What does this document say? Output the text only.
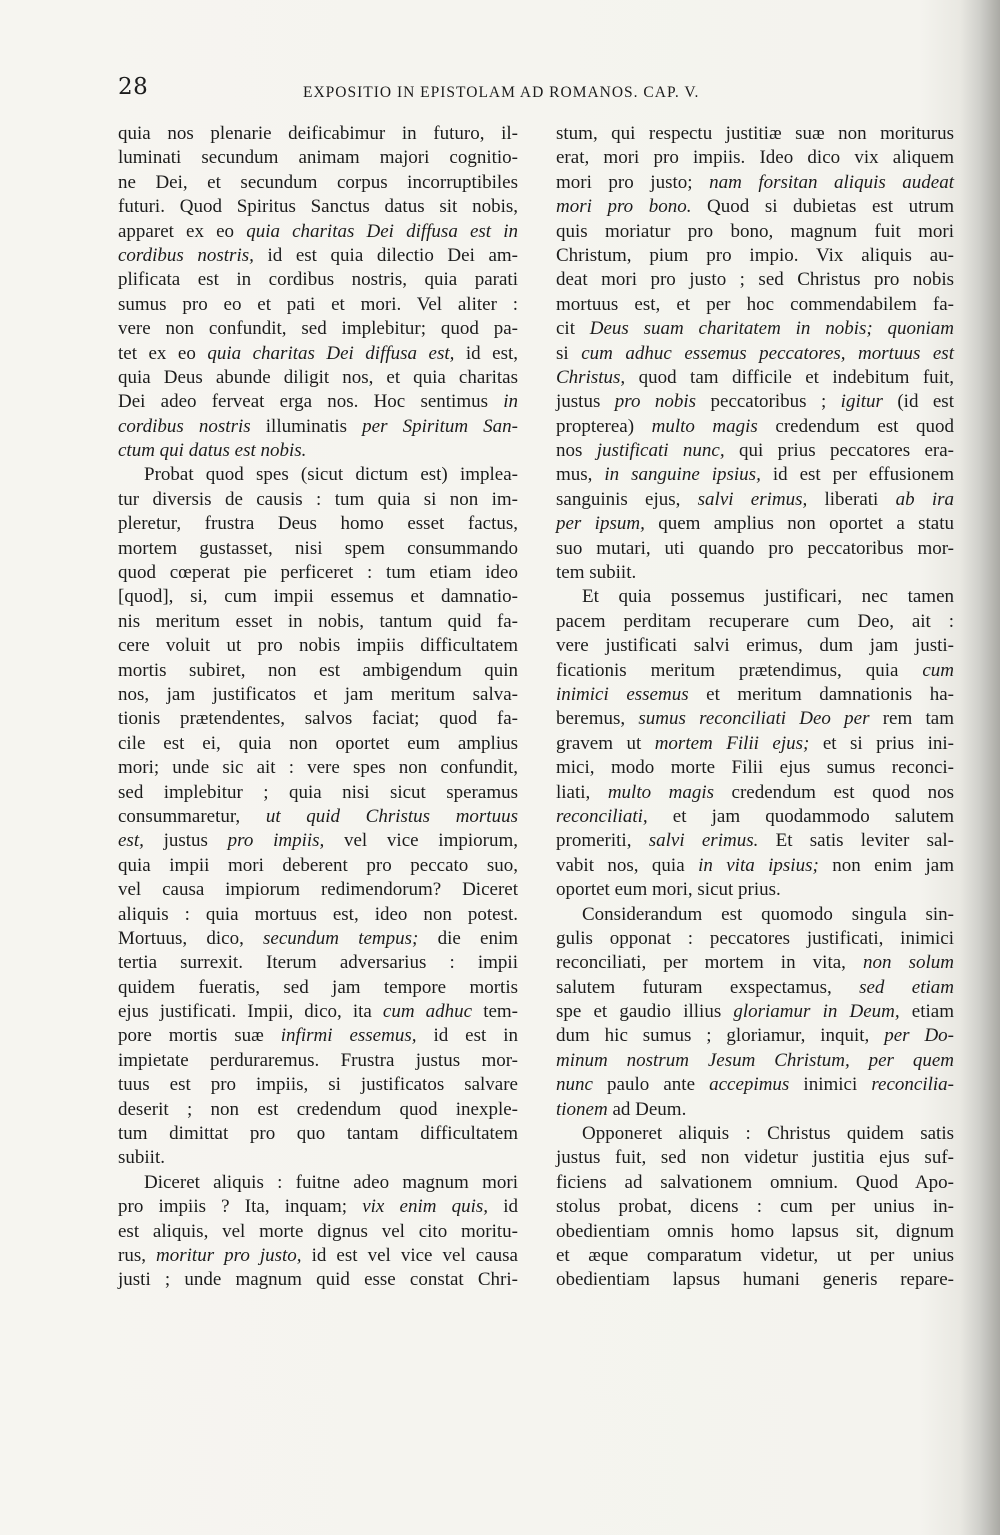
28	EXPOSITIO IN EPISTOLAM AD ROMANOS. CAP. V.
quia nos plenarie deificabimur in futuro, il-
luminati secundum animam majori cognitio-
ne Dei, et secundum corpus incorruptibiles
futuri. Quod Spiritus Sanctus datus sit nobis,
apparet ex eo quia charitas Dei diffusa est in
cordibus nostris, id est quia dilectio Dei am-
plificata est in cordibus nostris, quia parati
sumus pro eo et pati et mori. Vel aliter :
vere non confundit, sed implebitur; quod pa-
tet ex eo quia charitas Dei diffusa est, id est,
quia Deus abunde diligit nos, et quia charitas
Dei adeo ferveat erga nos. Hoc sentimus in
cordibus nostris illuminatis per Spiritum San-
ctum qui datus est nobis.
Probat quod spes (sicut dictum est) implea-
tur diversis de causis : tum quia si non im-
pleretur, frustra Deus homo esset factus,
mortem gustasset, nisi spem consummando
quod cœperat pie perficeret : tum etiam ideo
[quod], si, cum impii essemus et damnatio-
nis meritum esset in nobis, tantum quid fa-
cere voluit ut pro nobis impiis difficultatem
mortis subiret, non est ambigendum quin
nos, jam justificatos et jam meritum salva-
tionis prætendentes, salvos faciat; quod fa-
cile est ei, quia non oportet eum amplius
mori; unde sic ait : vere spes non confundit,
sed implebitur ; quia nisi sicut speramus
consummaretur, ut quid Christus mortuus
est, justus pro impiis, vel vice impiorum,
quia impii mori deberent pro peccato suo,
vel causa impiorum redimendorum? Diceret
aliquis : quia mortuus est, ideo non potest.
Mortuus, dico, secundum tempus; die enim
tertia surrexit. Iterum adversarius : impii
quidem fueratis, sed jam tempore mortis
ejus justificati. Impii, dico, ita cum adhuc tem-
pore mortis suæ infirmi essemus, id est in
impietate perduraremus. Frustra justus mor-
tuus est pro impiis, si justificatos salvare
deserit ; non est credendum quod inexple-
tum dimittat pro quo tantam difficultatem
subiit.
Diceret aliquis : fuitne adeo magnum mori
pro impiis ? Ita, inquam; vix enim quis, id
est aliquis, vel morte dignus vel cito moritu-
rus, moritur pro justo, id est vel vice vel causa
justi ; unde magnum quid esse constat Chri-
stum, qui respectu justitiæ suæ non moriturus
erat, mori pro impiis. Ideo dico vix aliquem
mori pro justo; nam forsitan aliquis audeat
mori pro bono. Quod si dubietas est utrum
quis moriatur pro bono, magnum fuit mori
Christum, pium pro impio. Vix aliquis au-
deat mori pro justo ; sed Christus pro nobis
mortuus est, et per hoc commendabilem fa-
cit Deus suam charitatem in nobis; quoniam
si cum adhuc essemus peccatores, mortuus est
Christus, quod tam difficile et indebitum fuit,
justus pro nobis peccatoribus ; igitur (id est
propterea) multo magis credendum est quod
nos justificati nunc, qui prius peccatores era-
mus, in sanguine ipsius, id est per effusionem
sanguinis ejus, salvi erimus, liberati ab ira
per ipsum, quem amplius non oportet a statu
suo mutari, uti quando pro peccatoribus mor-
tem subiit.
Et quia possemus justificari, nec tamen
pacem perditam recuperare cum Deo, ait :
vere justificati salvi erimus, dum jam justi-
ficationis meritum prætendimus, quia cum
inimici essemus et meritum damnationis ha-
beremus, sumus reconciliati Deo per rem tam
gravem ut mortem Filii ejus; et si prius ini-
mici, modo morte Filii ejus sumus reconci-
liati, multo magis credendum est quod nos
reconciliati, et jam quodammodo salutem
promeriti, salvi erimus. Et satis leviter sal-
vabit nos, quia in vita ipsius; non enim jam
oportet eum mori, sicut prius.
Considerandum est quomodo singula sin-
gulis opponat : peccatores justificati, inimici
reconciliati, per mortem in vita, non solum
salutem futuram exspectamus, sed etiam
spe et gaudio illius gloriamur in Deum, etiam
dum hic sumus ; gloriamur, inquit, per Do-
minum nostrum Jesum Christum, per quem
nunc paulo ante accepimus inimici reconcilia-
tionem ad Deum.
Opponeret aliquis : Christus quidem satis
justus fuit, sed non videtur justitia ejus suf-
ficiens ad salvationem omnium. Quod Apo-
stolus probat, dicens : cum per unius in-
obedientiam omnis homo lapsus sit, dignum
et æque comparatum videtur, ut per unius
obedientiam lapsus humani generis repare-
